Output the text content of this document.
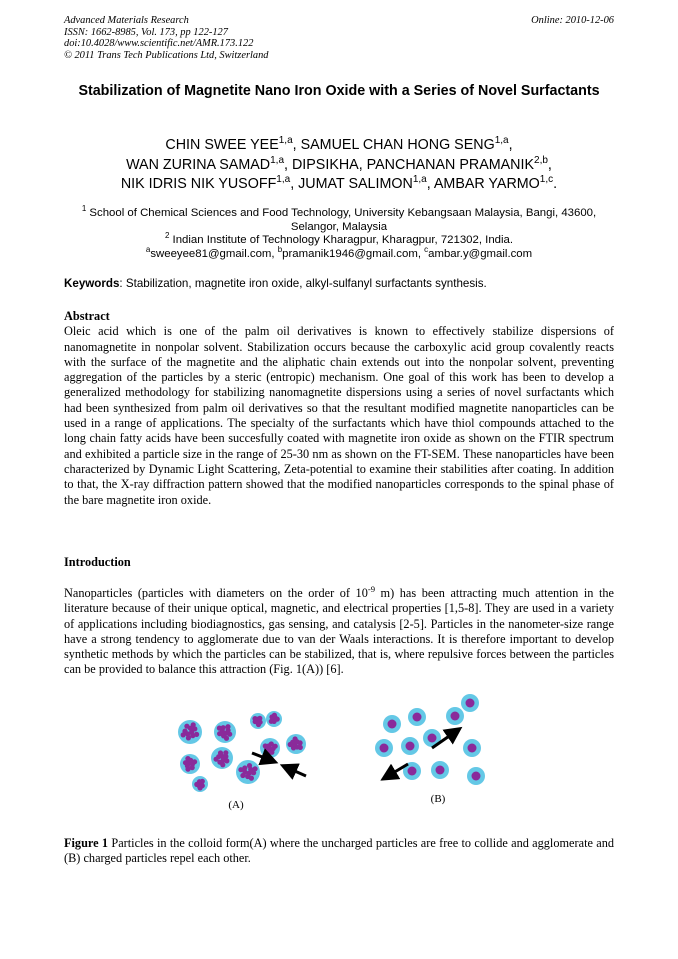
Advanced Materials Research
ISSN: 1662-8985, Vol. 173, pp 122-127
doi:10.4028/www.scientific.net/AMR.173.122
© 2011 Trans Tech Publications Ltd, Switzerland
Online: 2010-12-06
Stabilization of Magnetite Nano Iron Oxide with a Series of Novel Surfactants
CHIN SWEE YEE$^{1,a}$, SAMUEL CHAN HONG SENG$^{1,a}$,
WAN ZURINA SAMAD$^{1,a}$, DIPSIKHA, PANCHANAN PRAMANIK$^{2,b}$,
NIK IDRIS NIK YUSOFF$^{1,a}$, JUMAT SALIMON$^{1,a}$, AMBAR YARMO$^{1,c}$.
$^1$ School of Chemical Sciences and Food Technology, University Kebangsaan Malaysia, Bangi, 43600, Selangor, Malaysia
$^2$ Indian Institute of Technology Kharagpur, Kharagpur, 721302, India.
$^a$sweeyee81@gmail.com, $^b$pramanik1946@gmail.com, $^c$ambar.y@gmail.com
Keywords: Stabilization, magnetite iron oxide, alkyl-sulfanyl surfactants synthesis.
Abstract
Oleic acid which is one of the palm oil derivatives is known to effectively stabilize dispersions of nanomagnetite in nonpolar solvent. Stabilization occurs because the carboxylic acid group covalently reacts with the surface of the magnetite and the aliphatic chain extends out into the nonpolar solvent, preventing aggregation of the particles by a steric (entropic) mechanism. One goal of this work has been to develop a generalized methodology for stabilizing nanomagnetite dispersions using a series of novel surfactants which had been synthesized from palm oil derivatives so that the resultant modified magnetite nanoparticles can be used in a range of applications. The specialty of the surfactants which have thiol compounds attached to the long chain fatty acids have been succesfully coated with magnetite iron oxide as shown on the FTIR spectrum and exhibited a particle size in the range of 25-30 nm as shown on the FT-SEM. These nanoparticles have been characterized by Dynamic Light Scattering, Zeta-potential to examine their stabilities after coating. In addition to that, the X-ray diffraction pattern showed that the modified nanoparticles corresponds to the spinal phase of the bare magnetite iron oxide.
Introduction
Nanoparticles (particles with diameters on the order of $10^{-9}$ m) has been attracting much attention in the literature because of their unique optical, magnetic, and electrical properties [1,5-8]. They are used in a variety of applications including biodiagnostics, gas sensing, and catalysis [2-5]. Particles in the nanometer-size range have a strong tendency to agglomerate due to van der Waals interactions. It is therefore important to develop synthetic methods by which the particles can be stabilized, that is, where repulsive forces between the particles can be provided to balance this attraction (Fig. 1(A)) [6].
(A)	(B)
Figure 1 Particles in the colloid form(A) where the uncharged particles are free to collide and agglomerate and (B) charged particles repel each other.
